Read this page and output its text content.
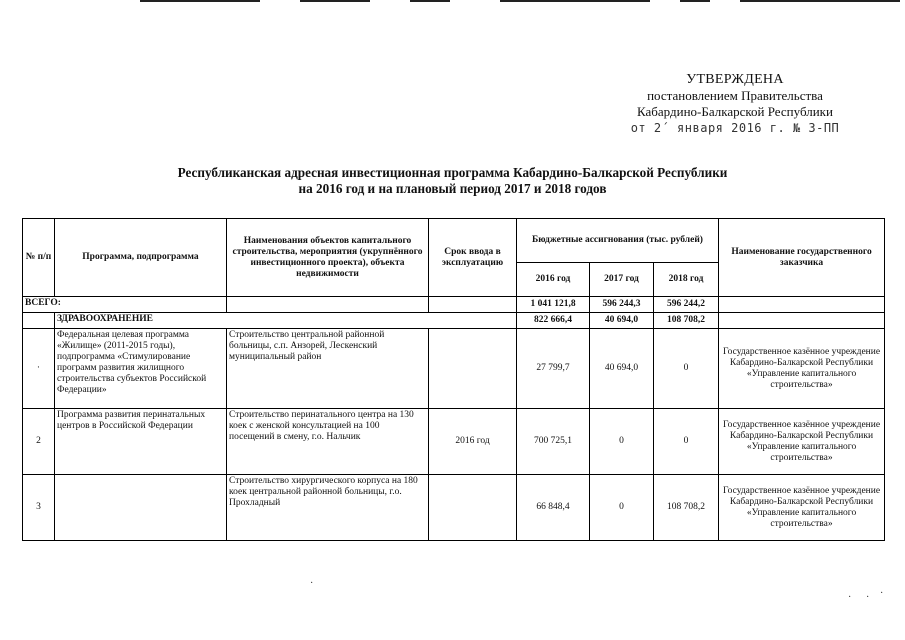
УТВЕРЖДЕНА
постановлением Правительства
Кабардино-Балкарской Республики
от 2´ января 2016 г. № 3-ПП
Республиканская адресная инвестиционная программа Кабардино-Балкарской Республики
на 2016 год и на плановый период 2017 и 2018 годов
№ п/п	Программа, подпрограмма	Наименования объектов капитального строительства, мероприятия (укрупнённого инвестиционного проекта), объекта недвижимости	Срок ввода в эксплуатацию	Бюджетные ассигнования (тыс. рублей)			Наименование государственного заказчика
				2016 год	2017 год	2018 год	
ВСЕГО:				1 041 121,8	596 244,3	596 244,2	
	ЗДРАВООХРАНЕНИЕ			822 666,4	40 694,0	108 708,2	
·	Федеральная целевая программа «Жилище» (2011-2015 годы), подпрограмма «Стимулирование программ развития жилищного строительства субъектов Российской Федерации»	Строительство центральной районной больницы, с.п. Анзорей, Лескенский муниципальный район		27 799,7	40 694,0	0	Государственное казённое учреждение Кабардино-Балкарской Республики «Управление капитального строительства»
2	Программа развития перинатальных центров в Российской Федерации	Строительство перинатального центра на 130 коек с женской консультацией на 100 посещений в смену, г.о. Нальчик	2016 год	700 725,1	0	0	Государственное казённое учреждение Кабардино-Балкарской Республики «Управление капитального строительства»
3		Строительство хирургического корпуса на 180 коек центральной районной больницы, г.о. Прохладный		66 848,4	0	108 708,2	Государственное казённое учреждение Кабардино-Балкарской Республики «Управление капитального строительства»
·
· · ·
